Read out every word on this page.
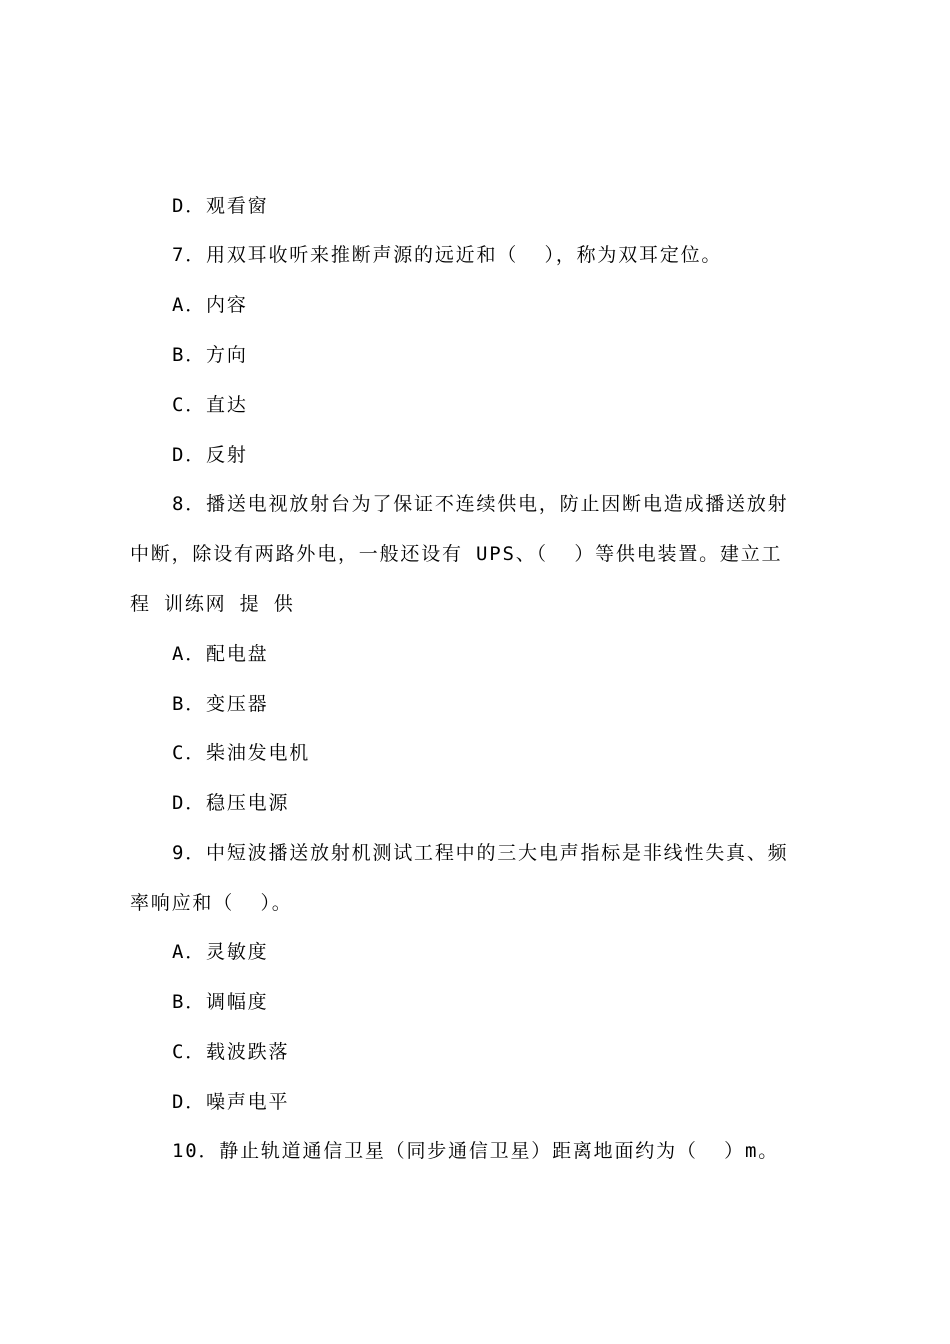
D．观看窗
7．用双耳收听来推断声源的远近和（  ），称为双耳定位。
A．内容
B．方向
C．直达
D．反射
8．播送电视放射台为了保证不连续供电，防止因断电造成播送放射
中断，除设有两路外电，一般还设有 UPS、（  ）等供电装置。建立工
程 训练网 提 供
A．配电盘
B．变压器
C．柴油发电机
D．稳压电源
9．中短波播送放射机测试工程中的三大电声指标是非线性失真、频
率响应和（  ）。
A．灵敏度
B．调幅度
C．载波跌落
D．噪声电平
10．静止轨道通信卫星（同步通信卫星）距离地面约为（  ）m。
